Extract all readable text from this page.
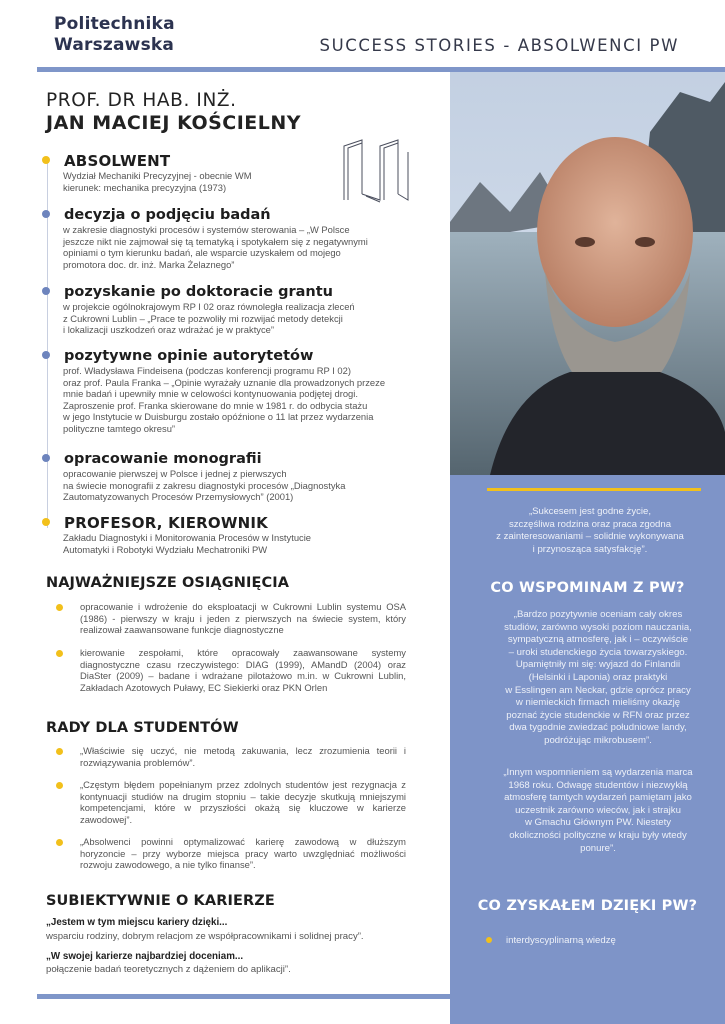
Politechnika
Warszawska	SUCCESS STORIES - ABSOLWENCI PW
„Sukcesem jest godne życie,
szczęśliwa rodzina oraz praca zgodna
z zainteresowaniami – solidnie wykonywana
i przynosząca satysfakcję”.
CO WSPOMINAM Z PW?
„Bardzo pozytywnie oceniam cały okres
studiów, zarówno wysoki poziom nauczania,
sympatyczną atmosferę, jak i – oczywiście
– uroki studenckiego życia towarzyskiego.
Upamiętniły mi się: wyjazd do Finlandii
(Helsinki i Laponia) oraz praktyki
w Esslingen am Neckar, gdzie oprócz pracy
w niemieckich firmach mieliśmy okazję
poznać życie studenckie w RFN oraz przez
dwa tygodnie zwiedzać południowe landy,
podróżując mikrobusem”.
„Innym wspomnieniem są wydarzenia marca
1968 roku. Odwagę studentów i niezwykłą
atmosferę tamtych wydarzeń pamiętam jako
uczestnik zarówno wieców, jak i strajku
w Gmachu Głównym PW. Niestety
okoliczności polityczne w kraju były wtedy
ponure”.
CO ZYSKAŁEM DZIĘKI PW?
interdyscyplinarną wiedzę
PROF. DR HAB. INŻ.
JAN MACIEJ KOŚCIELNY
ABSOLWENT
Wydział Mechaniki Precyzyjnej - obecnie WM
kierunek: mechanika precyzyjna (1973)
decyzja o podjęciu badań
w zakresie diagnostyki procesów i systemów sterowania – „W Polsce
jeszcze nikt nie zajmował się tą tematyką i spotykałem się z negatywnymi
opiniami o tym kierunku badań, ale wsparcie uzyskałem od mojego
promotora doc. dr. inż. Marka Żelaznego”
pozyskanie po doktoracie grantu
w projekcie ogólnokrajowym RP I 02 oraz równoległa realizacja zleceń
z Cukrowni Lublin – „Prace te pozwoliły mi rozwijać metody detekcji
i lokalizacji uszkodzeń oraz wdrażać je w praktyce”
pozytywne opinie autorytetów
prof. Władysława Findeisena (podczas konferencji programu RP I 02)
oraz prof. Paula Franka – „Opinie wyrażały uznanie dla prowadzonych przeze
mnie badań i upewniły mnie w celowości kontynuowania podjętej drogi.
Zaproszenie prof. Franka skierowane do mnie w 1981 r. do odbycia stażu
w jego Instytucie w Duisburgu zostało opóźnione o 11 lat przez wydarzenia
polityczne tamtego okresu”
opracowanie monografii
opracowanie pierwszej w Polsce i jednej z pierwszych
na świecie monografii z zakresu diagnostyki procesów „Diagnostyka
Zautomatyzowanych Procesów Przemysłowych” (2001)
PROFESOR, KIEROWNIK
Zakładu Diagnostyki i Monitorowania Procesów w Instytucie
Automatyki i Robotyki Wydziału Mechatroniki PW
NAJWAŻNIEJSZE OSIĄGNIĘCIA
opracowanie i wdrożenie do eksploatacji w Cukrowni Lublin systemu OSA (1986) - pierwszy w kraju i jeden z pierwszych na świecie system, który realizował zaawansowane funkcje diagnostyczne
kierowanie zespołami, które opracowały zaawansowane systemy diagnostyczne czasu rzeczywistego: DIAG (1999), AMandD (2004) oraz DiaSter (2009) – badane i wdrażane pilotażowo m.in. w Cukrowni Lublin, Zakładach Azotowych Puławy, EC Siekierki oraz PKN Orlen
RADY DLA STUDENTÓW
„Właściwie się uczyć, nie metodą zakuwania, lecz zrozumienia teorii i rozwiązywania problemów”.
„Częstym błędem popełnianym przez zdolnych studentów jest rezygnacja z kontynuacji studiów na drugim stopniu – takie decyzje skutkują mniejszymi kompetencjami, które w przyszłości okażą się kluczowe w karierze zawodowej”.
„Absolwenci powinni optymalizować karierę zawodową w dłuższym horyzoncie – przy wyborze miejsca pracy warto uwzględniać możliwości rozwoju zawodowego, a nie tylko finanse”.
SUBIEKTYWNIE O KARIERZE
„Jestem w tym miejscu kariery dzięki...
wsparciu rodziny, dobrym relacjom ze współpracownikami i solidnej pracy”.
„W swojej karierze najbardziej doceniam...
połączenie badań teoretycznych z dążeniem do aplikacji”.
